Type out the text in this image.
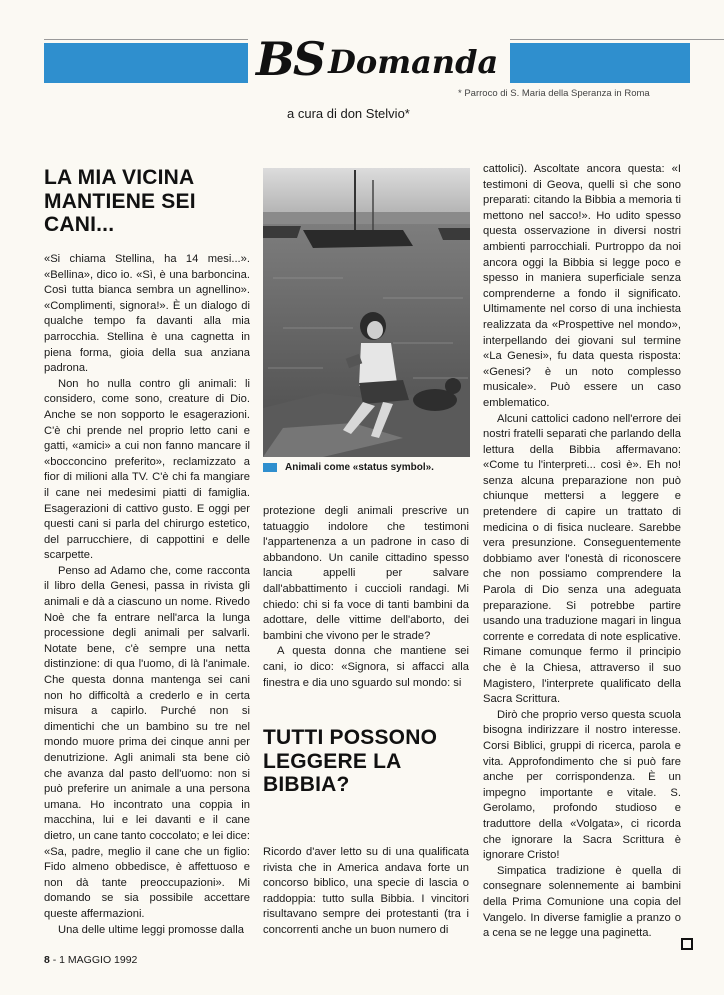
BS Domanda
* Parroco di S. Maria della Speranza in Roma
a cura di don Stelvio*
LA MIA VICINA MANTIENE SEI CANI...

«Si chiama Stellina, ha 14 mesi...». «Bellina», dico io. «Sì, è una barboncina. Così tutta bianca sembra un agnellino». «Complimenti, signora!». È un dialogo di qualche tempo fa davanti alla mia parrocchia. Stellina è una cagnetta in piena forma, gioia della sua anziana padrona.

Non ho nulla contro gli animali: li considero, come sono, creature di Dio. Anche se non sopporto le esagerazioni. C'è chi prende nel proprio letto cani e gatti, «amici» a cui non fanno mancare il «bocconcino preferito», reclamizzato a fior di milioni alla TV. C'è chi fa mangiare il cane nei medesimi piatti di famiglia. Esagerazioni di cattivo gusto. E oggi per questi cani si parla del chirurgo estetico, del parrucchiere, di cappottini e delle scarpette.

Penso ad Adamo che, come racconta il libro della Genesi, passa in rivista gli animali e dà a ciascuno un nome. Rivedo Noè che fa entrare nell'arca la lunga processione degli animali per salvarli. Notate bene, c'è sempre una netta distinzione: di qua l'uomo, di là l'animale. Che questa donna mantenga sei cani non ho difficoltà a crederlo e in certa misura a capirlo. Purché non si dimentichi che un bambino su tre nel mondo muore prima dei cinque anni per denutrizione. Agli animali sta bene ciò che avanza dal pasto dell'uomo: non si può preferire un animale a una persona umana. Ho incontrato una coppia in macchina, lui e lei davanti e il cane dietro, un cane tanto coccolato; e lei dice: «Sa, padre, meglio il cane che un figlio: Fido almeno obbedisce, è affettuoso e non dà tante preoccupazioni». Mi domando se sia possibile accettare queste affermazioni.

Una delle ultime leggi promosse dalla

Animali come «status symbol».

protezione degli animali prescrive un tatuaggio indolore che testimoni l'appartenenza a un padrone in caso di abbandono. Un canile cittadino spesso lancia appelli per salvare dall'abbattimento i cuccioli randagi. Mi chiedo: chi si fa voce di tanti bambini da adottare, delle vittime dell'aborto, dei bambini che vivono per le strade?

A questa donna che mantiene sei cani, io dico: «Signora, si affacci alla finestra e dia uno sguardo sul mondo: si

TUTTI POSSONO LEGGERE LA BIBBIA?

Ricordo d'aver letto su di una qualificata rivista che in America andava forte un concorso biblico, una specie di lascia o raddoppia: tutto sulla Bibbia. I vincitori risultavano sempre dei protestanti (tra i concorrenti anche un buon numero di

cattolici). Ascoltate ancora questa: «I testimoni di Geova, quelli sì che sono preparati: citando la Bibbia a memoria ti mettono nel sacco!». Ho udito spesso questa osservazione in diversi nostri ambienti parrocchiali. Purtroppo da noi ancora oggi la Bibbia si legge poco e spesso in maniera superficiale senza comprenderne a fondo il significato. Ultimamente nel corso di una inchiesta realizzata da «Prospettive nel mondo», interpellando dei giovani sul termine «La Genesi», fu data questa risposta: «Genesi? è un noto complesso musicale». Può essere un caso emblematico.

Alcuni cattolici cadono nell'errore dei nostri fratelli separati che parlando della lettura della Bibbia affermavano: «Come tu l'interpreti... così è». Eh no! senza alcuna preparazione non può chiunque mettersi a leggere e pretendere di capire un trattato di medicina o di fisica nucleare. Sarebbe vera presunzione. Conseguentemente dobbiamo aver l'onestà di riconoscere che non possiamo comprendere la Parola di Dio senza una adeguata preparazione. Si potrebbe partire usando una traduzione magari in lingua corrente e corredata di note esplicative. Rimane comunque fermo il principio che è la Chiesa, attraverso il suo Magistero, l'interprete qualificato della Sacra Scrittura.

Dirò che proprio verso questa scuola bisogna indirizzare il nostro interesse. Corsi Biblici, gruppi di ricerca, parola e vita. Approfondimento che si può fare anche per corrispondenza. È un impegno importante e vitale. S. Gerolamo, profondo studioso e traduttore della «Volgata», ci ricorda che ignorare la Sacra Scrittura è ignorare Cristo!

Simpatica tradizione è quella di consegnare solennemente ai bambini della Prima Comunione una copia del Vangelo. In diverse famiglie a pranzo o a cena se ne legge una paginetta.

8 - 1 MAGGIO 1992
